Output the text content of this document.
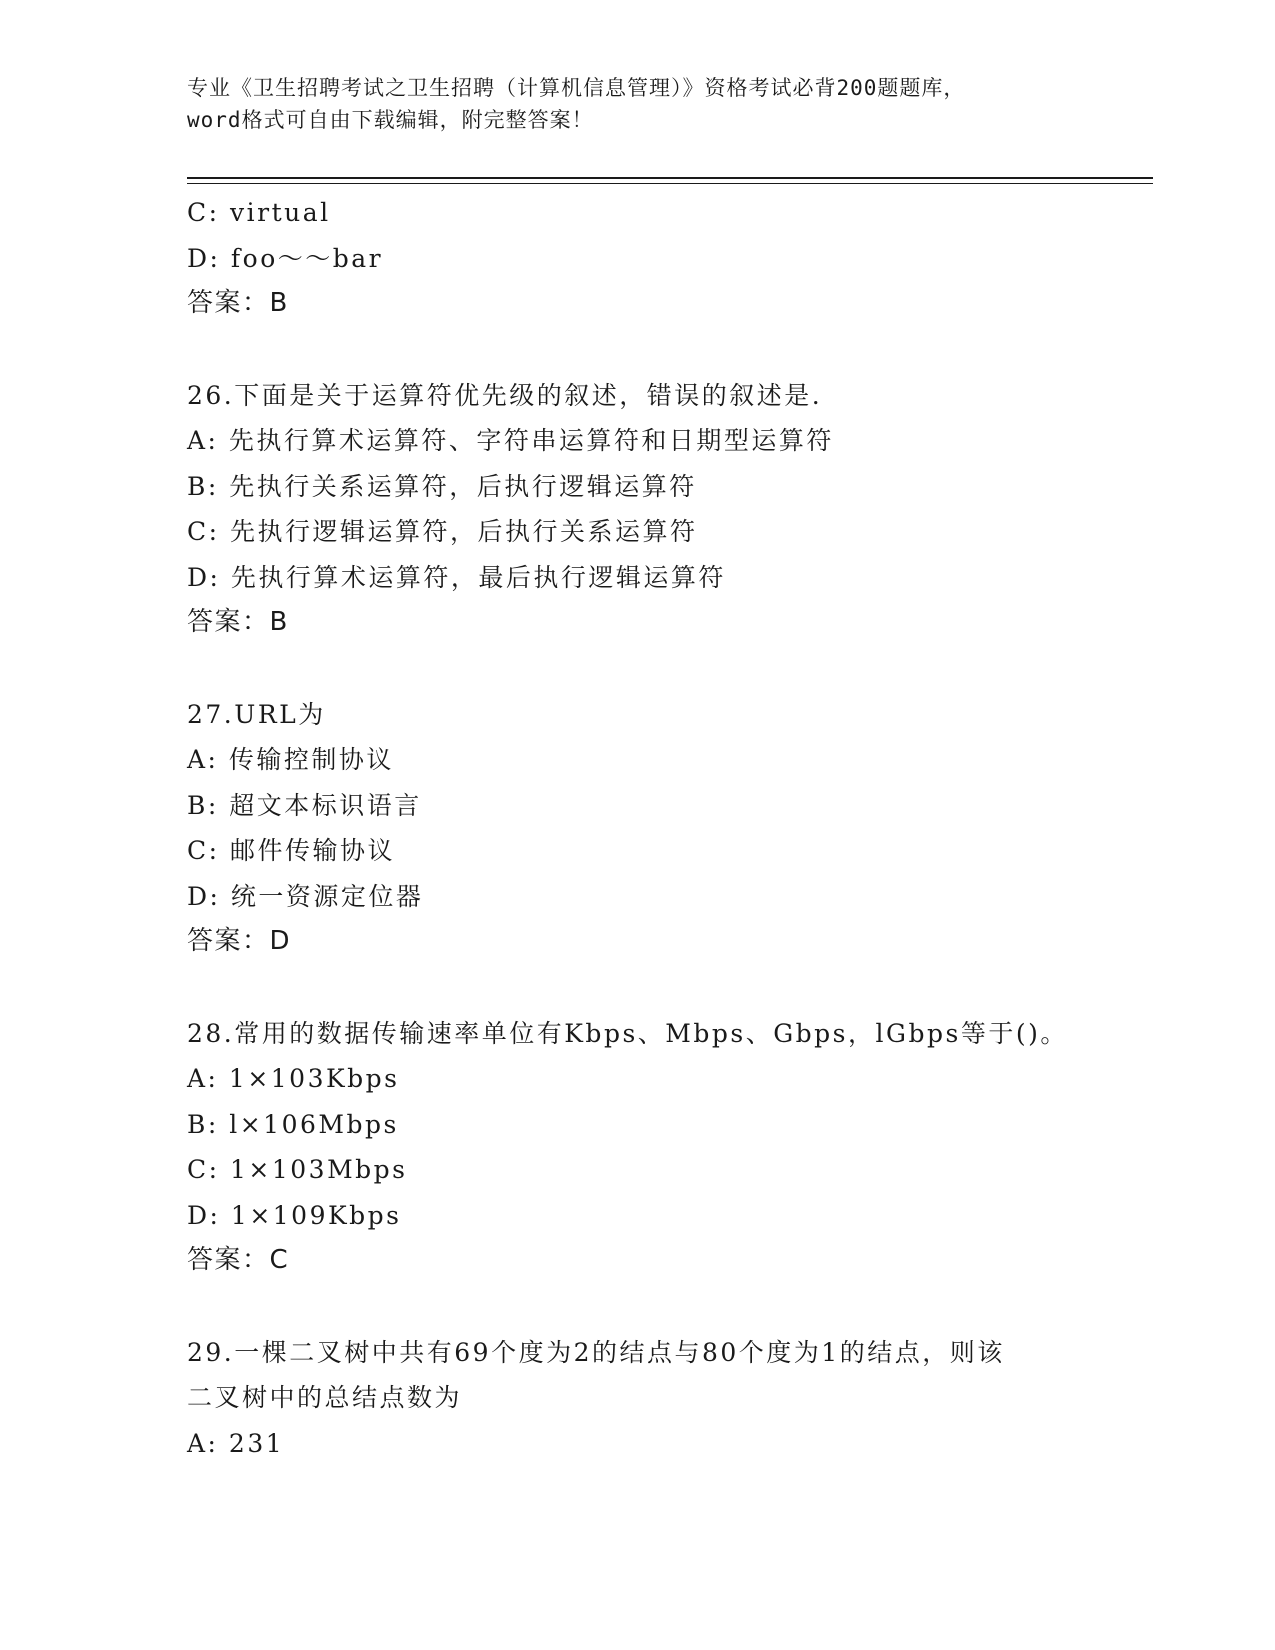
专业《卫生招聘考试之卫生招聘（计算机信息管理）》资格考试必背200题题库，
word格式可自由下载编辑，附完整答案！
C: virtual
D: foo～～bar
答案：B
26.下面是关于运算符优先级的叙述，错误的叙述是.
A: 先执行算术运算符、字符串运算符和日期型运算符
B: 先执行关系运算符，后执行逻辑运算符
C: 先执行逻辑运算符，后执行关系运算符
D: 先执行算术运算符，最后执行逻辑运算符
答案：B
27.URL为
A: 传输控制协议
B: 超文本标识语言
C: 邮件传输协议
D: 统一资源定位器
答案：D
28.常用的数据传输速率单位有Kbps、Mbps、Gbps，lGbps等于()。
A: 1×103Kbps
B: l×106Mbps
C: 1×103Mbps
D: 1×109Kbps
答案：C
29.一棵二叉树中共有69个度为2的结点与80个度为1的结点，则该
二叉树中的总结点数为
A: 231
